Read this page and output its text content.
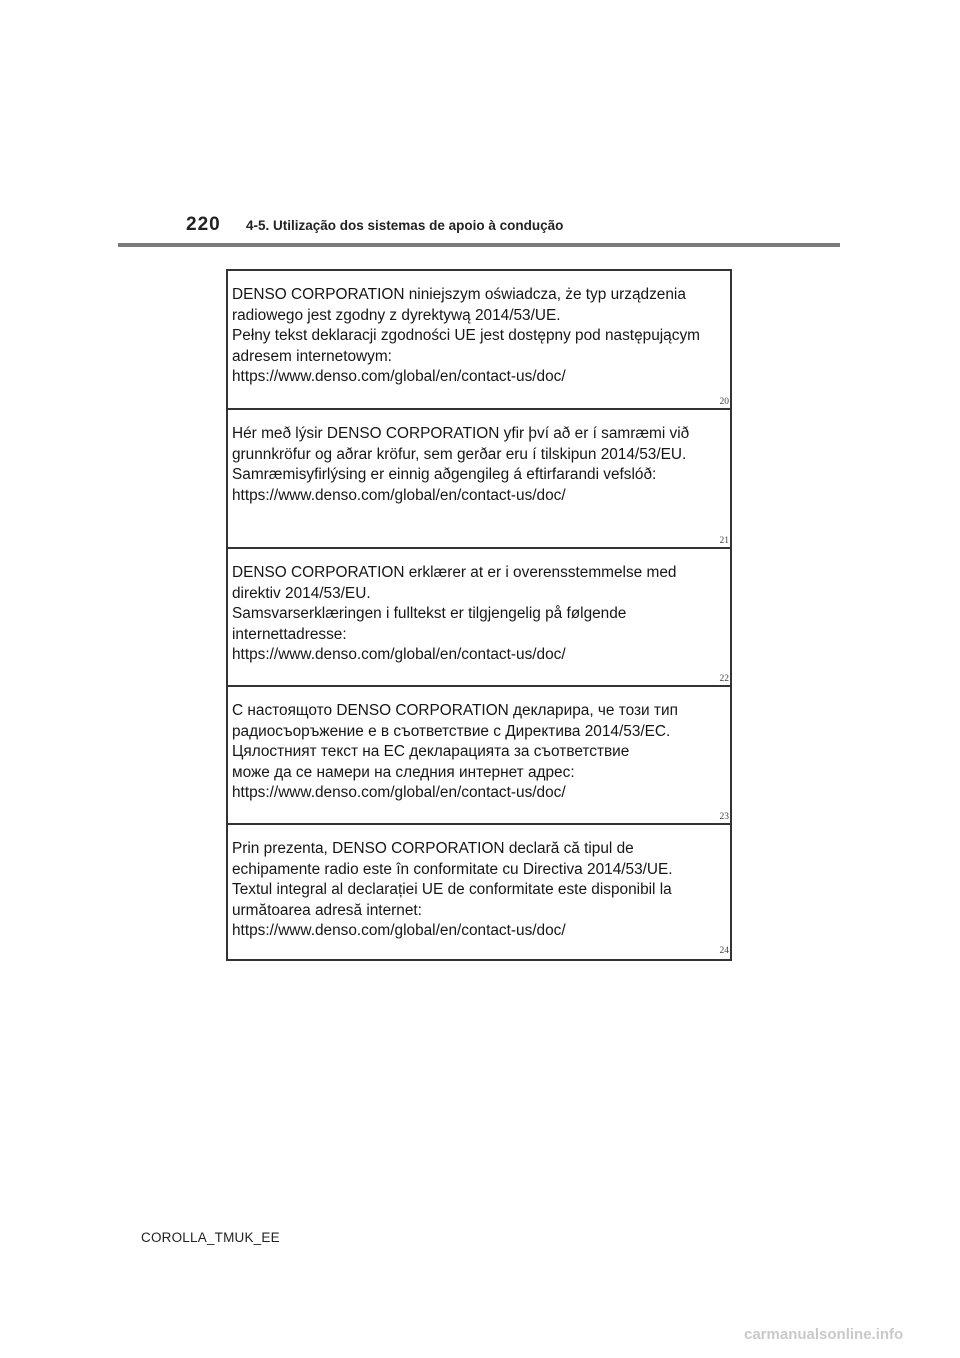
220 4-5. Utilização dos sistemas de apoio à condução
DENSO CORPORATION niniejszym oświadcza, że typ urządzenia
radiowego jest zgodny z dyrektywą 2014/53/UE.
Pełny tekst deklaracji zgodności UE jest dostępny pod następującym
adresem internetowym:
https://www.denso.com/global/en/contact-us/doc/
20
Hér með lýsir DENSO CORPORATION yfir því að er í samræmi við
grunnkröfur og aðrar kröfur, sem gerðar eru í tilskipun 2014/53/EU.
Samræmisyfirlýsing er einnig aðgengileg á eftirfarandi vefslóð:
https://www.denso.com/global/en/contact-us/doc/
21
DENSO CORPORATION erklærer at er i overensstemmelse med
direktiv 2014/53/EU.
Samsvarserklæringen i fulltekst er tilgjengelig på følgende
internettadresse:
https://www.denso.com/global/en/contact-us/doc/
22
С настоящото DENSO CORPORATION декларира, че този тип
радиосъоръжение е в съответствие с Директива 2014/53/ЕС.
Цялостният текст на ЕС декларацията за съответствие
може да се намери на следния интернет адрес:
https://www.denso.com/global/en/contact-us/doc/
23
Prin prezenta, DENSO CORPORATION declară că tipul de
echipamente radio este în conformitate cu Directiva 2014/53/UE.
Textul integral al declarației UE de conformitate este disponibil la
următoarea adresă internet:
https://www.denso.com/global/en/contact-us/doc/
24
COROLLA_TMUK_EE
carmanualsonline.info
